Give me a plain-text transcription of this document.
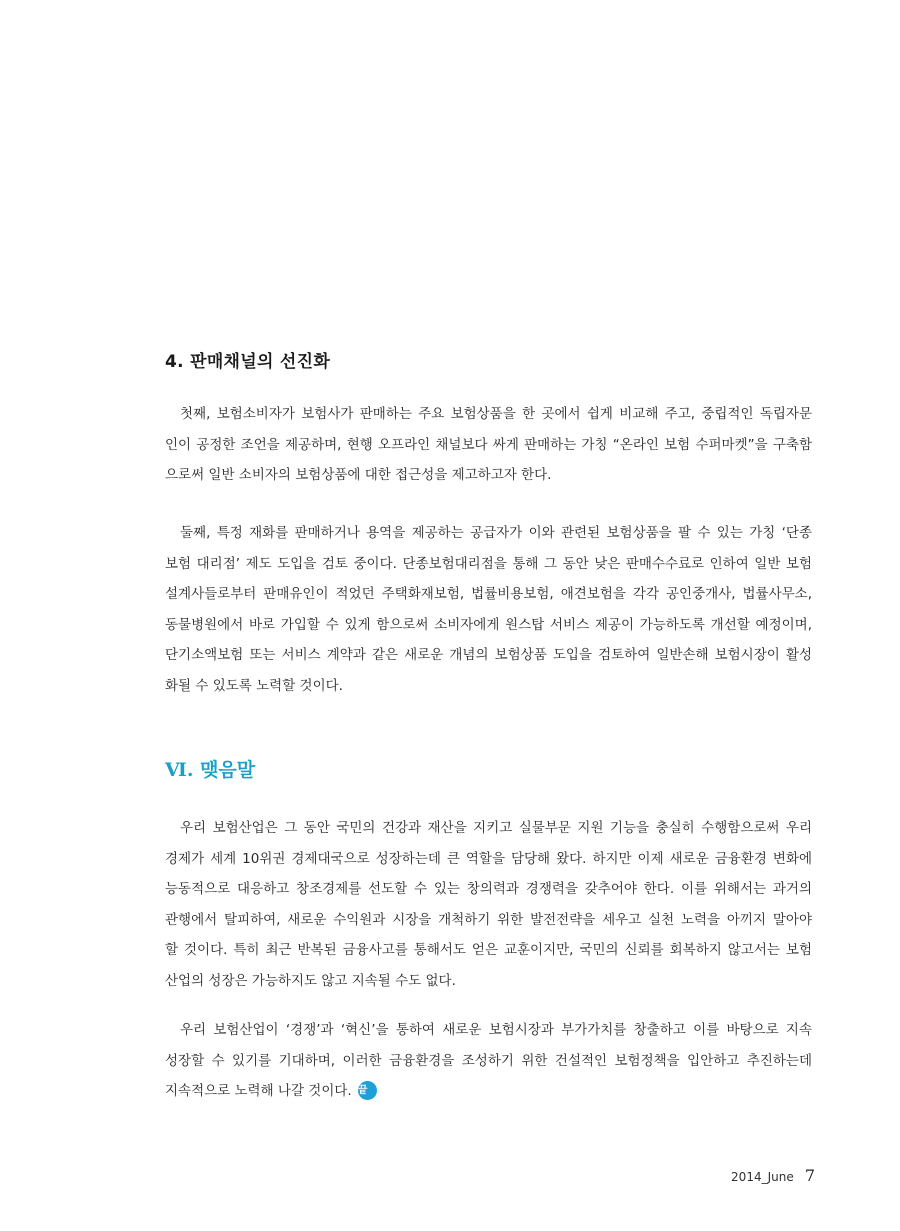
4. 판매채널의 선진화
첫째, 보험소비자가 보험사가 판매하는 주요 보험상품을 한 곳에서 쉽게 비교해 주고, 중립적인 독립자문
인이 공정한 조언을 제공하며, 현행 오프라인 채널보다 싸게 판매하는 가칭 “온라인 보험 수퍼마켓”을 구축함
으로써 일반 소비자의 보험상품에 대한 접근성을 제고하고자 한다.
둘째, 특정 재화를 판매하거나 용역을 제공하는 공급자가 이와 관련된 보험상품을 팔 수 있는 가칭 ‘단종
보험 대리점’ 제도 도입을 검토 중이다. 단종보험대리점을 통해 그 동안 낮은 판매수수료로 인하여 일반 보험
설계사들로부터 판매유인이 적었던 주택화재보험, 법률비용보험, 애견보험을 각각 공인중개사, 법률사무소,
동물병원에서 바로 가입할 수 있게 함으로써 소비자에게 원스탑 서비스 제공이 가능하도록 개선할 예정이며,
단기소액보험 또는 서비스 계약과 같은 새로운 개념의 보험상품 도입을 검토하여 일반손해 보험시장이 활성
화될 수 있도록 노력할 것이다.
Ⅵ. 맺음말
우리 보험산업은 그 동안 국민의 건강과 재산을 지키고 실물부문 지원 기능을 충실히 수행함으로써 우리
경제가 세계 10위권 경제대국으로 성장하는데 큰 역할을 담당해 왔다. 하지만 이제 새로운 금융환경 변화에
능동적으로 대응하고 창조경제를 선도할 수 있는 창의력과 경쟁력을 갖추어야 한다. 이를 위해서는 과거의
관행에서 탈피하여, 새로운 수익원과 시장을 개척하기 위한 발전전략을 세우고 실천 노력을 아끼지 말아야
할 것이다. 특히 최근 반복된 금융사고를 통해서도 얻은 교훈이지만, 국민의 신뢰를 회복하지 않고서는 보험
산업의 성장은 가능하지도 않고 지속될 수도 없다.
우리 보험산업이 ‘경쟁’과 ‘혁신’을 통하여 새로운 보험시장과 부가가치를 창출하고 이를 바탕으로 지속
성장할 수 있기를 기대하며, 이러한 금융환경을 조성하기 위한 건설적인 보험정책을 입안하고 추진하는데
지속적으로 노력해 나갈 것이다. 끝
2014_June 7
